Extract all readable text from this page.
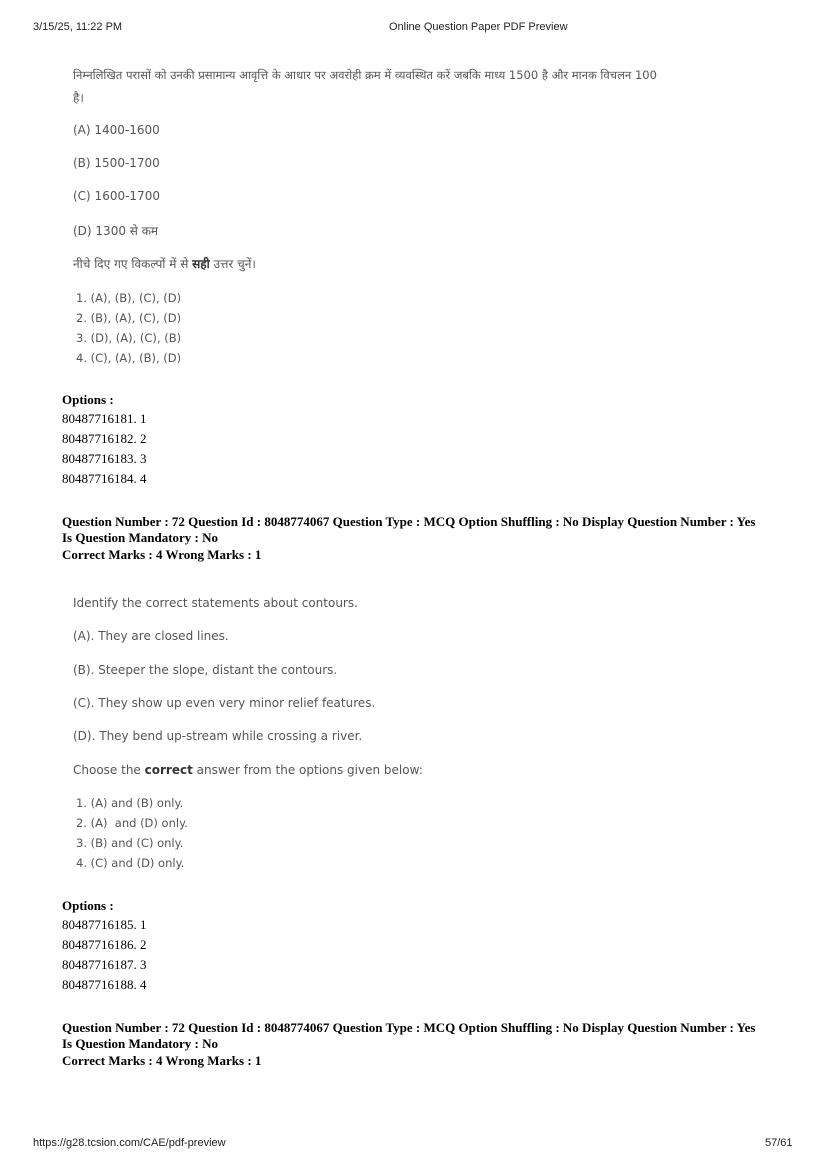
3/15/25, 11:22 PM	Online Question Paper PDF Preview
निम्नलिखित परासों को उनकी प्रसामान्य आवृत्ति के आधार पर अवरोही क्रम में व्यवस्थित करें जबकि माध्य 1500 है और मानक विचलन 100
है।
(A) 1400-1600
(B) 1500-1700
(C) 1600-1700
(D) 1300 से कम
नीचे दिए गए विकल्पों में से सही उत्तर चुनें।
1. (A), (B), (C), (D)
2. (B), (A), (C), (D)
3. (D), (A), (C), (B)
4. (C), (A), (B), (D)
Options :
80487716181. 1
80487716182. 2
80487716183. 3
80487716184. 4
Question Number : 72 Question Id : 8048774067 Question Type : MCQ Option Shuffling : No Display Question Number : Yes
Is Question Mandatory : No
Correct Marks : 4 Wrong Marks : 1
Identify the correct statements about contours.
(A). They are closed lines.
(B). Steeper the slope, distant the contours.
(C). They show up even very minor relief features.
(D). They bend up-stream while crossing a river.
Choose the correct answer from the options given below:
1. (A) and (B) only.
2. (A)  and (D) only.
3. (B) and (C) only.
4. (C) and (D) only.
Options :
80487716185. 1
80487716186. 2
80487716187. 3
80487716188. 4
Question Number : 72 Question Id : 8048774067 Question Type : MCQ Option Shuffling : No Display Question Number : Yes
Is Question Mandatory : No
Correct Marks : 4 Wrong Marks : 1
https://g28.tcsion.com/CAE/pdf-preview	57/61
